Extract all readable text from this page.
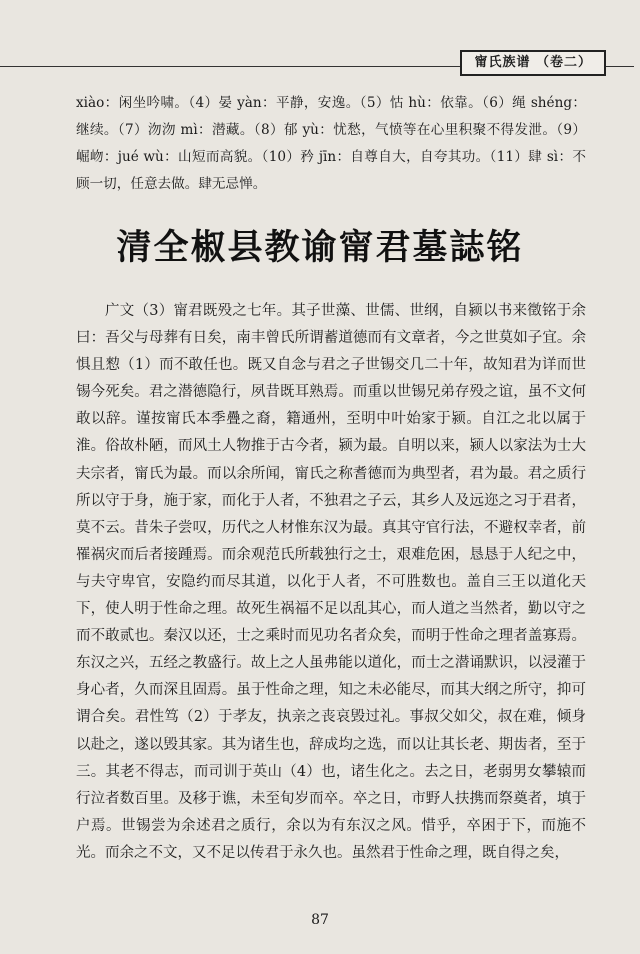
甯氏族谱 （卷二）

xiào：闲坐吟啸。（4）晏 yàn：平静，安逸。（5）怙 hù：依靠。（6）绳 shéng：继续。（7）沕沕 mì：潜藏。（8）郁 yù：忧愁，气愤等在心里积聚不得发泄。（9）崛岉：jué wù：山短而高貌。（10）矜 jīn：自尊自大，自夸其功。（11）肆 sì：不顾一切，任意去做。肆无忌惮。

清全椒县教谕甯君墓誌铭

广文（3）甯君既殁之七年。其子世藻、世儒、世纲，自颍以书来徵铭于余曰：吾父与母葬有日矣，南丰曾氏所谓蓄道德而有文章者，今之世莫如子宜。余惧且愸（1）而不敢任也。既又自念与君之子世锡交几二十年，故知君为详而世锡今死矣。君之潜德隐行，夙昔既耳熟焉。而重以世锡兄弟存殁之谊，虽不文何敢以辞。谨按甯氏本季疊之裔，籍通州，至明中叶始家于颍。自江之北以属于淮。俗故朴陋，而风土人物推于古今者，颍为最。自明以来，颍人以家法为士大夫宗者，甯氏为最。而以余所闻，甯氏之称耆德而为典型者，君为最。君之质行所以守于身，施于家，而化于人者，不独君之子云，其乡人及远迩之习于君者，莫不云。昔朱子尝叹，历代之人材惟东汉为最。真其守官行法，不避权幸者，前罹祸灾而后者接踵焉。而余观范氏所载独行之士，艰难危困，恳恳于人纪之中，与夫守卑官，安隐约而尽其道，以化于人者，不可胜数也。盖自三王以道化天下，使人明于性命之理。故死生祸福不足以乱其心，而人道之当然者，勤以守之而不敢贰也。秦汉以还，士之乘时而见功名者众矣，而明于性命之理者盖寡焉。东汉之兴，五经之教盛行。故上之人虽弗能以道化，而士之潜诵默识，以浸灌于身心者，久而深且固焉。虽于性命之理，知之未必能尽，而其大纲之所守，抑可谓合矣。君性笃（2）于孝友，执亲之丧哀毁过礼。事叔父如父，叔在难，倾身以赴之，遂以毁其家。其为诸生也，辞成均之选，而以让其长老、期齿者，至于三。其老不得志，而司训于英山（4）也，诸生化之。去之日，老弱男女攀辕而行泣者数百里。及移于谯，未至旬岁而卒。卒之日，市野人扶携而祭奠者，填于户焉。世锡尝为余述君之质行，余以为有东汉之风。惜乎，卒困于下，而施不光。而余之不文，又不足以传君于永久也。虽然君于性命之理，既自得之矣，

87
